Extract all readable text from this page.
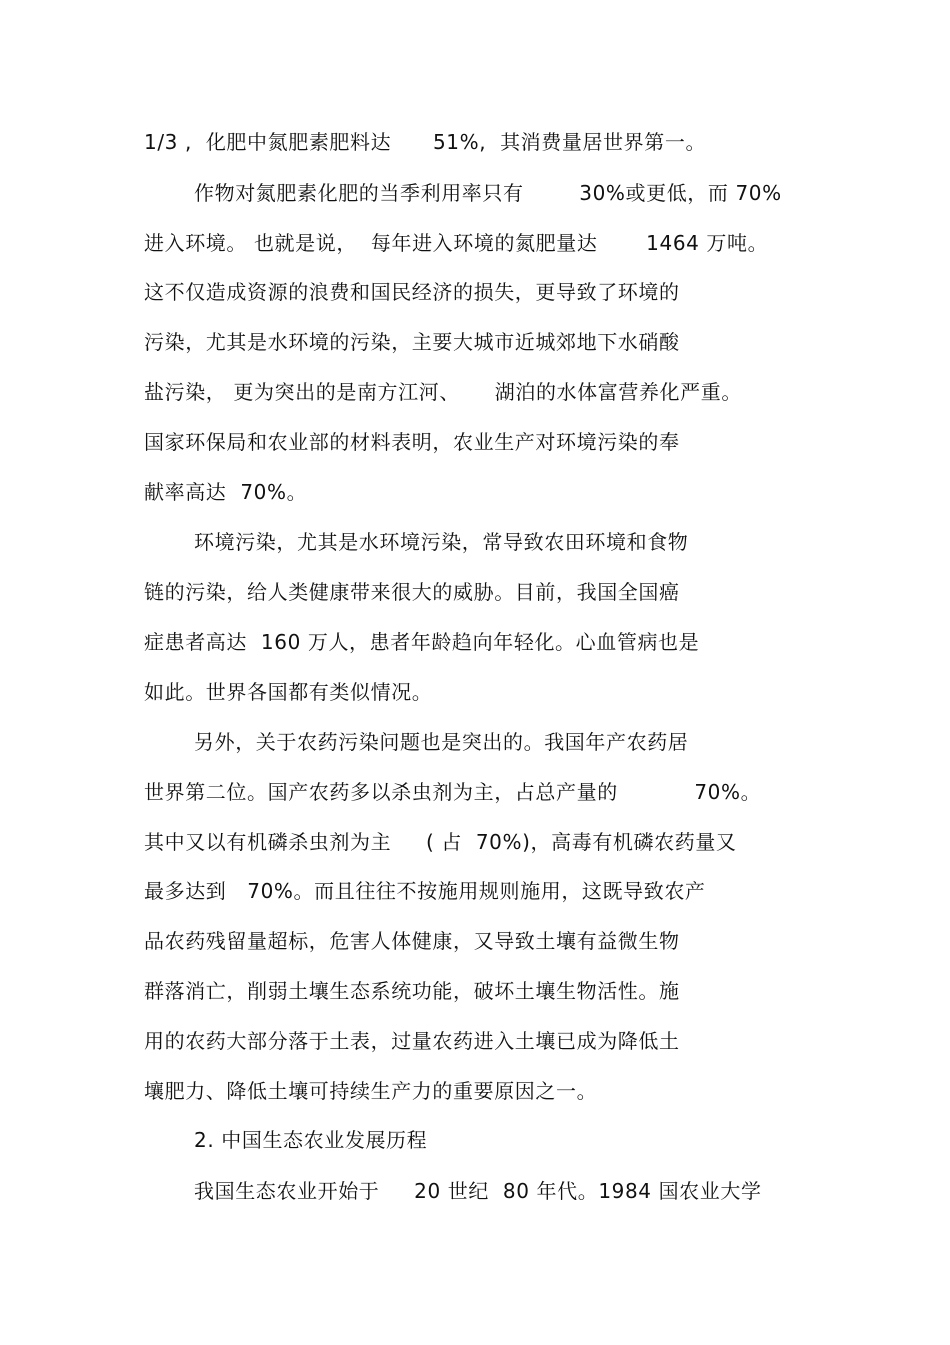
1/3 ,  化肥中氮肥素肥料达      51%,  其消费量居世界第一。
作物对氮肥素化肥的当季利用率只有        30%或更低，而 70%
进入环境。 也就是说，  每年进入环境的氮肥量达       1464 万吨。
这不仅造成资源的浪费和国民经济的损失，更导致了环境的
污染，尤其是水环境的污染，主要大城市近城郊地下水硝酸
盐污染， 更为突出的是南方江河、     湖泊的水体富营养化严重。
国家环保局和农业部的材料表明，农业生产对环境污染的奉
献率高达  70%。
环境污染，尤其是水环境污染，常导致农田环境和食物
链的污染，给人类健康带来很大的威胁。目前，我国全国癌
症患者高达  160 万人，患者年龄趋向年轻化。心血管病也是
如此。世界各国都有类似情况。
另外，关于农药污染问题也是突出的。我国年产农药居
世界第二位。国产农药多以杀虫剂为主，占总产量的           70%。
其中又以有机磷杀虫剂为主     ( 占  70%)，高毒有机磷农药量又
最多达到   70%。而且往往不按施用规则施用，这既导致农产
品农药残留量超标，危害人体健康，又导致土壤有益微生物
群落消亡，削弱土壤生态系统功能，破坏土壤生物活性。施
用的农药大部分落于土表，过量农药进入土壤已成为降低土
壤肥力、降低土壤可持续生产力的重要原因之一。
2. 中国生态农业发展历程
我国生态农业开始于     20 世纪  80 年代。1984 国农业大学
